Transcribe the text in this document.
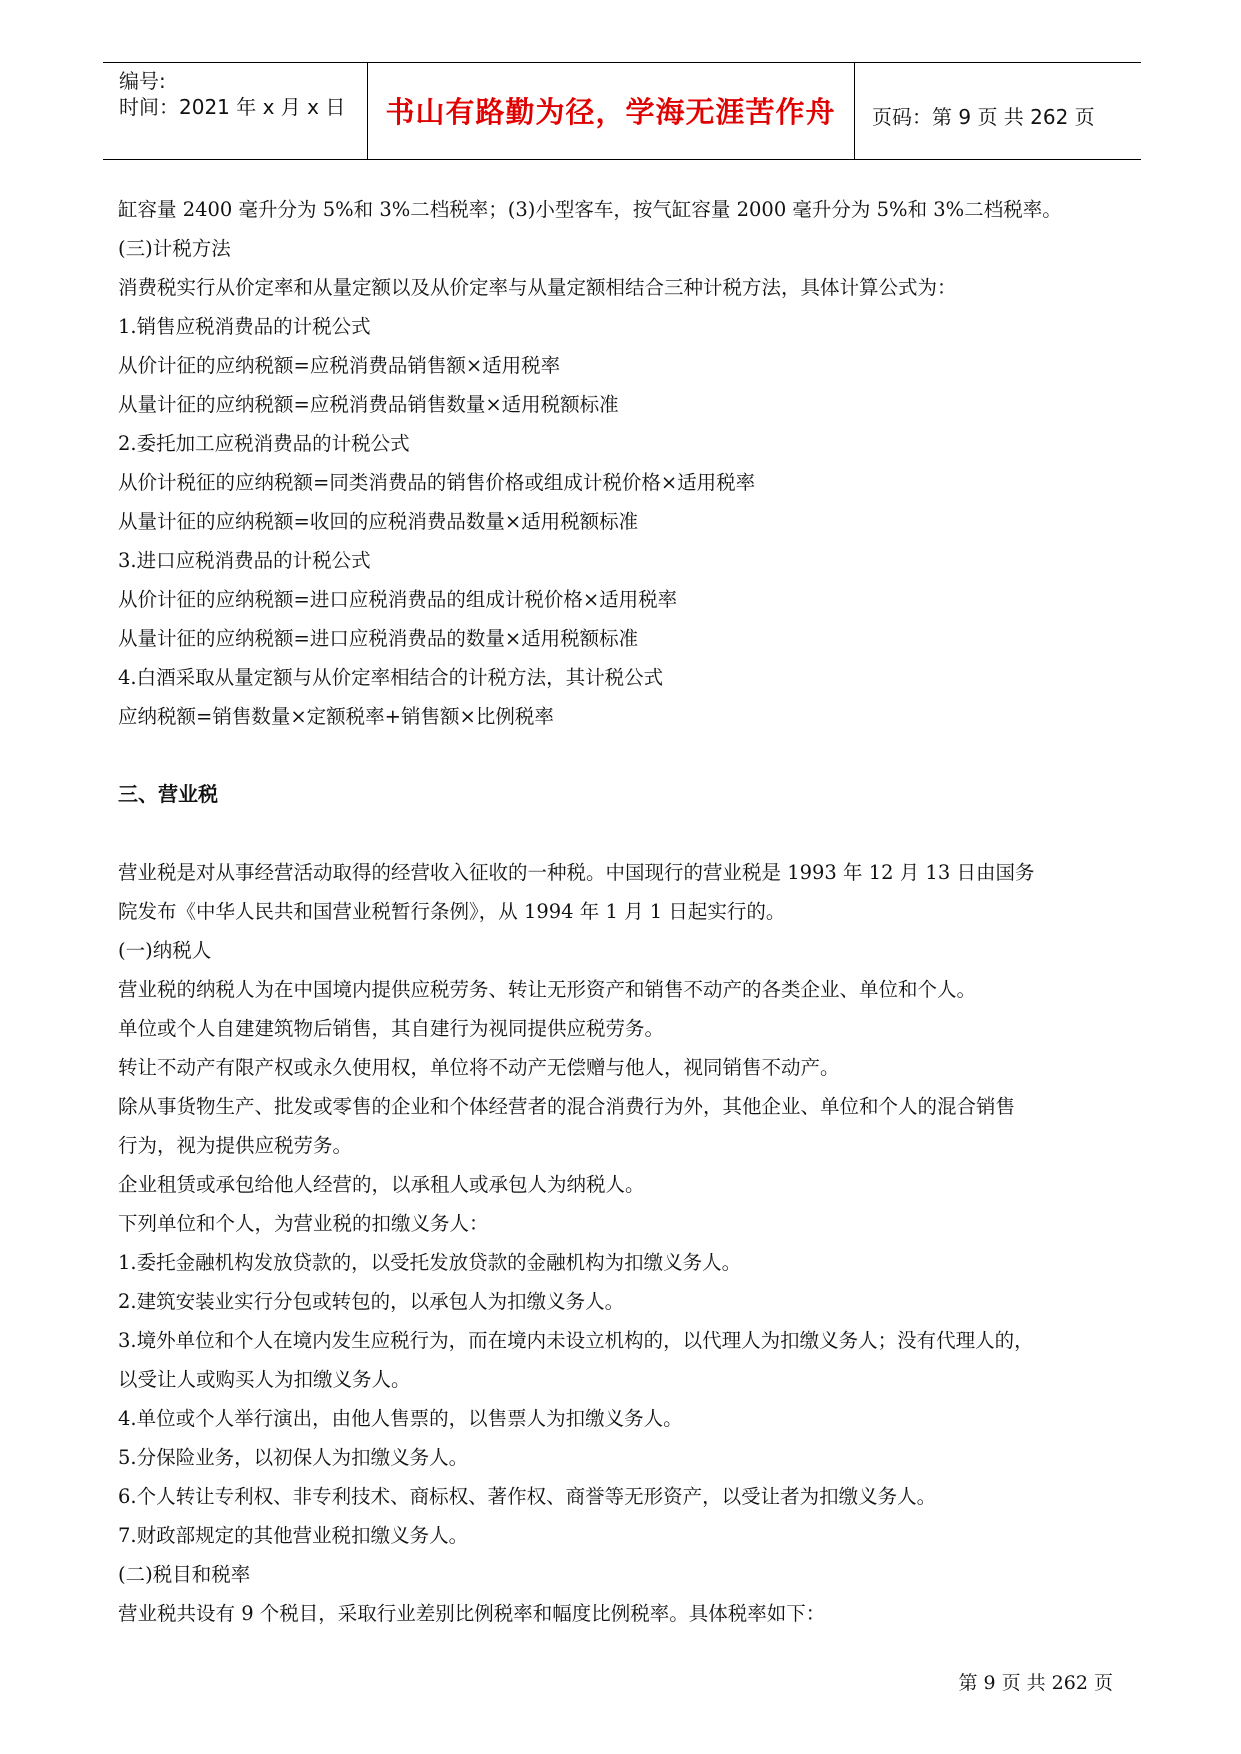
编号:
时间：2021 年 x 月 x 日	书山有路勤为径，学海无涯苦作舟	页码：第 9 页 共 262 页
缸容量 2400 毫升分为 5%和 3%二档税率；(3)小型客车，按气缸容量 2000 毫升分为 5%和 3%二档税率。
(三)计税方法
消费税实行从价定率和从量定额以及从价定率与从量定额相结合三种计税方法，具体计算公式为：
1.销售应税消费品的计税公式
从价计征的应纳税额=应税消费品销售额×适用税率
从量计征的应纳税额=应税消费品销售数量×适用税额标准
2.委托加工应税消费品的计税公式
从价计税征的应纳税额=同类消费品的销售价格或组成计税价格×适用税率
从量计征的应纳税额=收回的应税消费品数量×适用税额标准
3.进口应税消费品的计税公式
从价计征的应纳税额=进口应税消费品的组成计税价格×适用税率
从量计征的应纳税额=进口应税消费品的数量×适用税额标准
4.白酒采取从量定额与从价定率相结合的计税方法，其计税公式
应纳税额=销售数量×定额税率+销售额×比例税率
三、营业税
营业税是对从事经营活动取得的经营收入征收的一种税。中国现行的营业税是 1993 年 12 月 13 日由国务
院发布《中华人民共和国营业税暂行条例》，从 1994 年 1 月 1 日起实行的。
(一)纳税人
营业税的纳税人为在中国境内提供应税劳务、转让无形资产和销售不动产的各类企业、单位和个人。
单位或个人自建建筑物后销售，其自建行为视同提供应税劳务。
转让不动产有限产权或永久使用权，单位将不动产无偿赠与他人，视同销售不动产。
除从事货物生产、批发或零售的企业和个体经营者的混合消费行为外，其他企业、单位和个人的混合销售
行为，视为提供应税劳务。
企业租赁或承包给他人经营的，以承租人或承包人为纳税人。
下列单位和个人，为营业税的扣缴义务人：
1.委托金融机构发放贷款的，以受托发放贷款的金融机构为扣缴义务人。
2.建筑安装业实行分包或转包的，以承包人为扣缴义务人。
3.境外单位和个人在境内发生应税行为，而在境内未设立机构的，以代理人为扣缴义务人；没有代理人的，
以受让人或购买人为扣缴义务人。
4.单位或个人举行演出，由他人售票的，以售票人为扣缴义务人。
5.分保险业务，以初保人为扣缴义务人。
6.个人转让专利权、非专利技术、商标权、著作权、商誉等无形资产，以受让者为扣缴义务人。
7.财政部规定的其他营业税扣缴义务人。
(二)税目和税率
营业税共设有 9 个税目，采取行业差别比例税率和幅度比例税率。具体税率如下：
第 9 页 共 262 页
